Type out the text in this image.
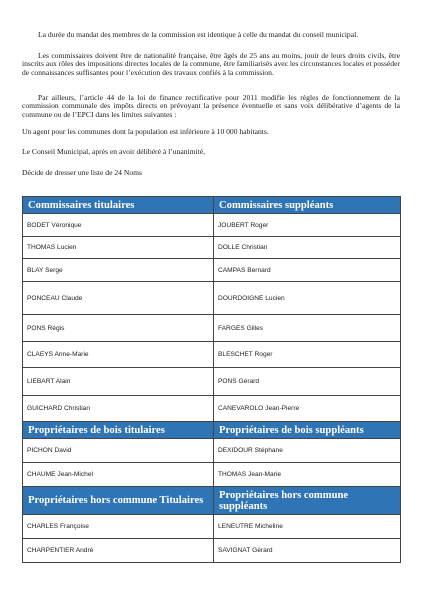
La durée du mandat des membres de la commission est identique à celle du mandat du conseil municipal.

Les commissaires doivent être de nationalité française, être âgés de 25 ans au moins, jouir de leurs droits civils, être inscrits aux rôles des impositions directes locales de la commune, être familiarisés avec les circonstances locales et posséder de connaissances suffisantes pour l’exécution des travaux confiés à la commission.

Par ailleurs, l’article 44 de la loi de finance rectificative pour 2011 modifie les règles de fonctionnement de la commission communale des impôts directs en prévoyant la présence éventuelle et sans voix délibérative d’agents de la commune ou de l’EPCI dans les limites suivantes :

Un agent pour les communes dont la population est inférieure à 10 000 habitants.

Le Conseil Municipal, après en avoir délibéré à l’unanimité,

Décide de dresser une liste de 24 Noms

Commissaires titulaires	Commissaires suppléants
BODET Véronique	JOUBERT Roger
THOMAS Lucien	DOLLE Christian
BLAY Serge	CAMPAS Bernard
PONCEAU Claude	DOURDOIGNE Lucien
PONS Régis	FARGES Gilles
CLAEYS Anne-Marie	BLESCHET Roger
LIEBART Alain	PONS Gérard
GUICHARD Christian	CANEVAROLO Jean-Pierre
Propriétaires de bois titulaires	Propriétaires de bois suppléants
PICHON David	DEXIDOUR Stéphane
CHAUME Jean-Michel	THOMAS Jean-Marie
Propriétaires hors commune Titulaires	Propriétaires hors commune suppléants
CHARLES Françoise	LENEUTRE Micheline
CHARPENTIER André	SAVIGNAT Gérard
